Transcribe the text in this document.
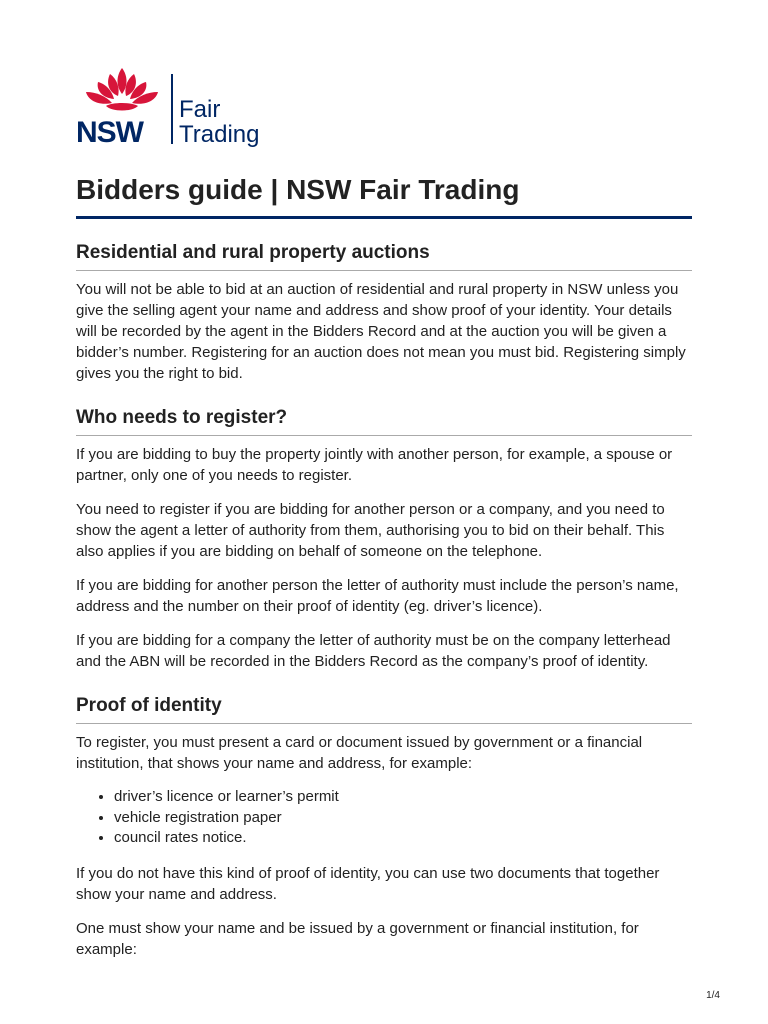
NSW
Fair
Trading
Bidders guide | NSW Fair Trading
Residential and rural property auctions

You will not be able to bid at an auction of residential and rural property in NSW unless you give the selling agent your name and address and show proof of your identity. Your details will be recorded by the agent in the Bidders Record and at the auction you will be given a bidder’s number. Registering for an auction does not mean you must bid. Registering simply gives you the right to bid.

Who needs to register?

If you are bidding to buy the property jointly with another person, for example, a spouse or partner, only one of you needs to register.

You need to register if you are bidding for another person or a company, and you need to show the agent a letter of authority from them, authorising you to bid on their behalf. This also applies if you are bidding on behalf of someone on the telephone.

If you are bidding for another person the letter of authority must include the person’s name, address and the number on their proof of identity (eg. driver’s licence).

If you are bidding for a company the letter of authority must be on the company letterhead and the ABN will be recorded in the Bidders Record as the company’s proof of identity.

Proof of identity

To register, you must present a card or document issued by government or a financial institution, that shows your name and address, for example:

• driver’s licence or learner’s permit
• vehicle registration paper
• council rates notice.

If you do not have this kind of proof of identity, you can use two documents that together show your name and address.

One must show your name and be issued by a government or financial institution, for example:

1/4
